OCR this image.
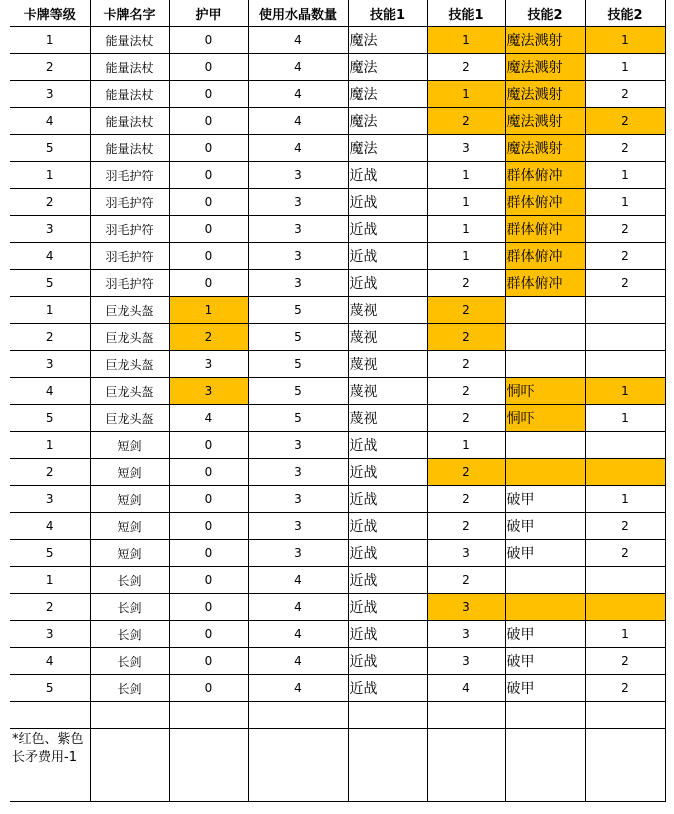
卡牌等级	卡牌名字	护甲	使用水晶数量	技能1	技能1	技能2	技能2
1	能量法杖	0	4	魔法	1	魔法溅射	1
2	能量法杖	0	4	魔法	2	魔法溅射	1
3	能量法杖	0	4	魔法	1	魔法溅射	2
4	能量法杖	0	4	魔法	2	魔法溅射	2
5	能量法杖	0	4	魔法	3	魔法溅射	2
1	羽毛护符	0	3	近战	1	群体俯冲	1
2	羽毛护符	0	3	近战	1	群体俯冲	1
3	羽毛护符	0	3	近战	1	群体俯冲	2
4	羽毛护符	0	3	近战	1	群体俯冲	2
5	羽毛护符	0	3	近战	2	群体俯冲	2
1	巨龙头盔	1	5	蔑视	2		
2	巨龙头盔	2	5	蔑视	2		
3	巨龙头盔	3	5	蔑视	2		
4	巨龙头盔	3	5	蔑视	2	恫吓	1
5	巨龙头盔	4	5	蔑视	2	恫吓	1
1	短剑	0	3	近战	1		
2	短剑	0	3	近战	2		
3	短剑	0	3	近战	2	破甲	1
4	短剑	0	3	近战	2	破甲	2
5	短剑	0	3	近战	3	破甲	2
1	长剑	0	4	近战	2		
2	长剑	0	4	近战	3		
3	长剑	0	4	近战	3	破甲	1
4	长剑	0	4	近战	3	破甲	2
5	长剑	0	4	近战	4	破甲	2

*红色、紫色长矛费用-1							
